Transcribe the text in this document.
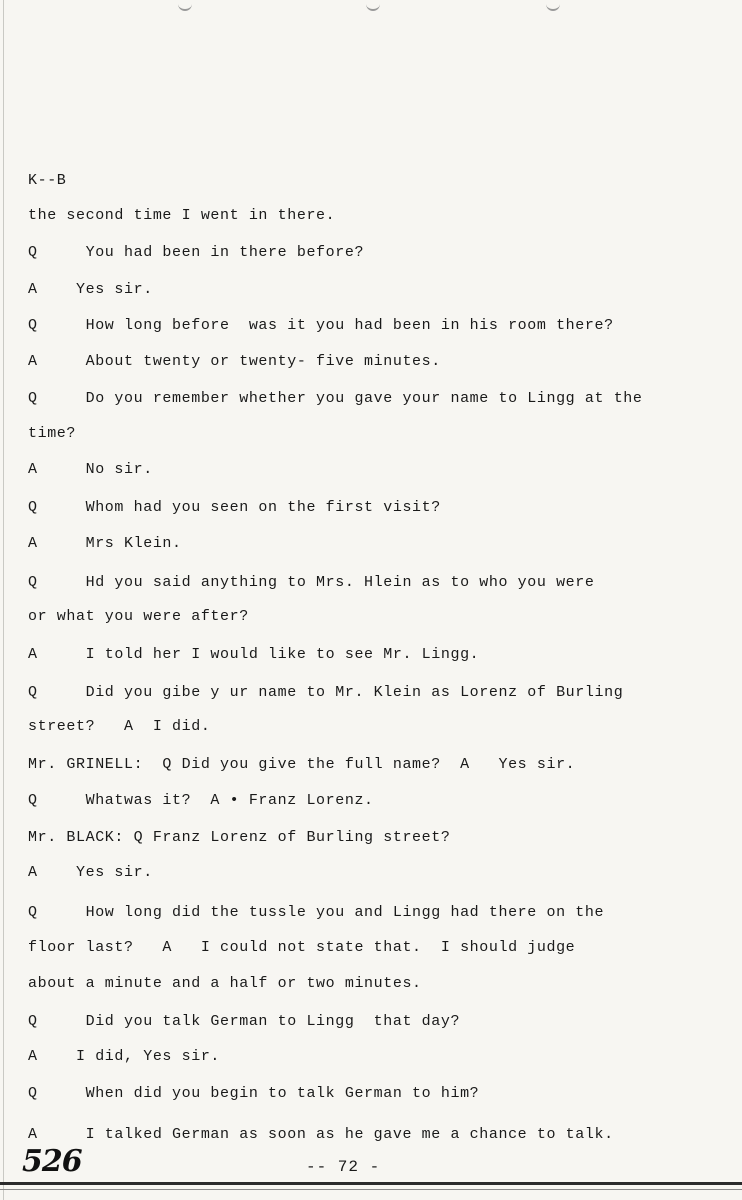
K--B
the second time I went in there.
Q     You had been in there before?
A    Yes sir.
Q     How long before  was it you had been in his room there?
A     About twenty or twenty- five minutes.
Q     Do you remember whether you gave your name to Lingg at the
time?
A     No sir.
Q     Whom had you seen on the first visit?
A     Mrs Klein.
Q     Hd you said anything to Mrs. Hlein as to who you were
or what you were after?
A     I told her I would like to see Mr. Lingg.
Q     Did you gibe y ur name to Mr. Klein as Lorenz of Burling
street?   A  I did.
Mr. GRINELL:  Q Did you give the full name?  A   Yes sir.
Q     Whatwas it?  A • Franz Lorenz.
Mr. BLACK: Q Franz Lorenz of Burling street?
A    Yes sir.
Q     How long did the tussle you and Lingg had there on the
floor last?   A   I could not state that.  I should judge
about a minute and a half or two minutes.
Q     Did you talk German to Lingg  that day?
A    I did, Yes sir.
Q     When did you begin to talk German to him?
A     I talked German as soon as he gave me a chance to talk.
526	-- 72 -
